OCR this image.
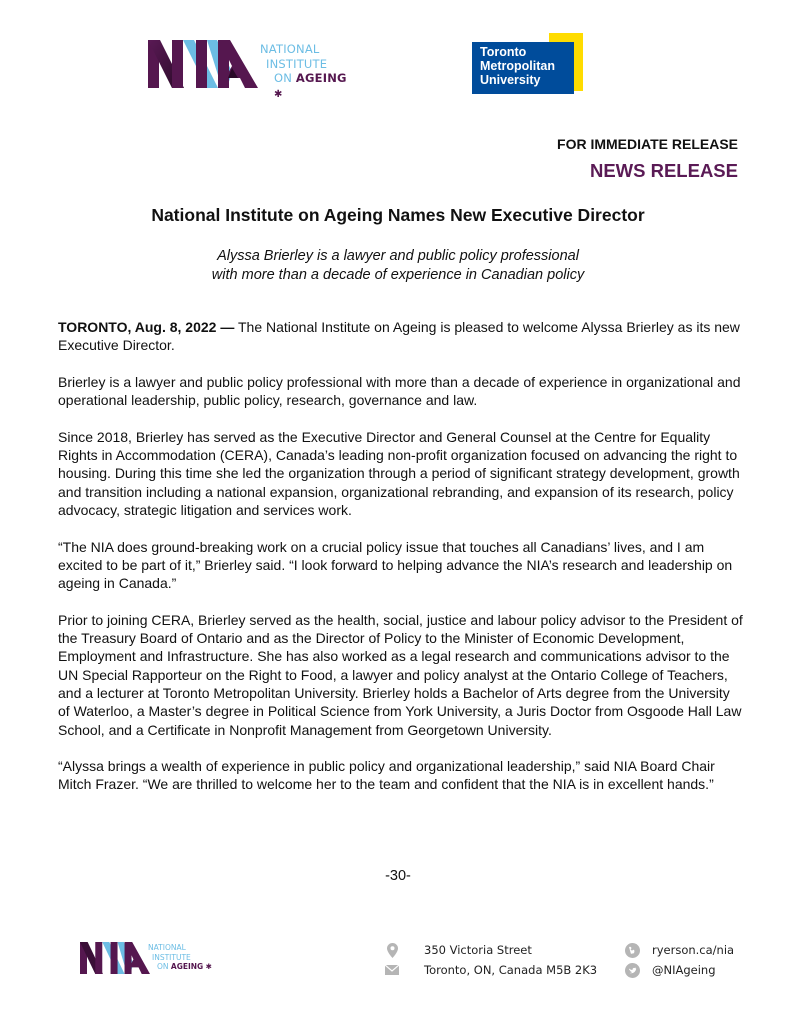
NATIONAL
INSTITUTE
ON AGEING ✱
Toronto
Metropolitan
University
FOR IMMEDIATE RELEASE
NEWS RELEASE
National Institute on Ageing Names New Executive Director
Alyssa Brierley is a lawyer and public policy professional
with more than a decade of experience in Canadian policy

TORONTO, Aug. 8, 2022 — The National Institute on Ageing is pleased to welcome Alyssa Brierley as its new Executive Director.

Brierley is a lawyer and public policy professional with more than a decade of experience in organizational and operational leadership, public policy, research, governance and law.

Since 2018, Brierley has served as the Executive Director and General Counsel at the Centre for Equality Rights in Accommodation (CERA), Canada’s leading non-profit organization focused on advancing the right to housing. During this time she led the organization through a period of significant strategy development, growth and transition including a national expansion, organizational rebranding, and expansion of its research, policy advocacy, strategic litigation and services work.

“The NIA does ground-breaking work on a crucial policy issue that touches all Canadians’ lives, and I am excited to be part of it,” Brierley said. “I look forward to helping advance the NIA’s research and leadership on ageing in Canada.”

Prior to joining CERA, Brierley served as the health, social, justice and labour policy advisor to the President of the Treasury Board of Ontario and as the Director of Policy to the Minister of Economic Development, Employment and Infrastructure. She has also worked as a legal research and communications advisor to the UN Special Rapporteur on the Right to Food, a lawyer and policy analyst at the Ontario College of Teachers, and a lecturer at Toronto Metropolitan University. Brierley holds a Bachelor of Arts degree from the University of Waterloo, a Master’s degree in Political Science from York University, a Juris Doctor from Osgoode Hall Law School, and a Certificate in Nonprofit Management from Georgetown University.

“Alyssa brings a wealth of experience in public policy and organizational leadership,” said NIA Board Chair Mitch Frazer. “We are thrilled to welcome her to the team and confident that the NIA is in excellent hands.”

-30-
NATIONAL
INSTITUTE
ON AGEING ✱
350 Victoria Street
Toronto, ON, Canada M5B 2K3
ryerson.ca/nia
@NIAgeing
